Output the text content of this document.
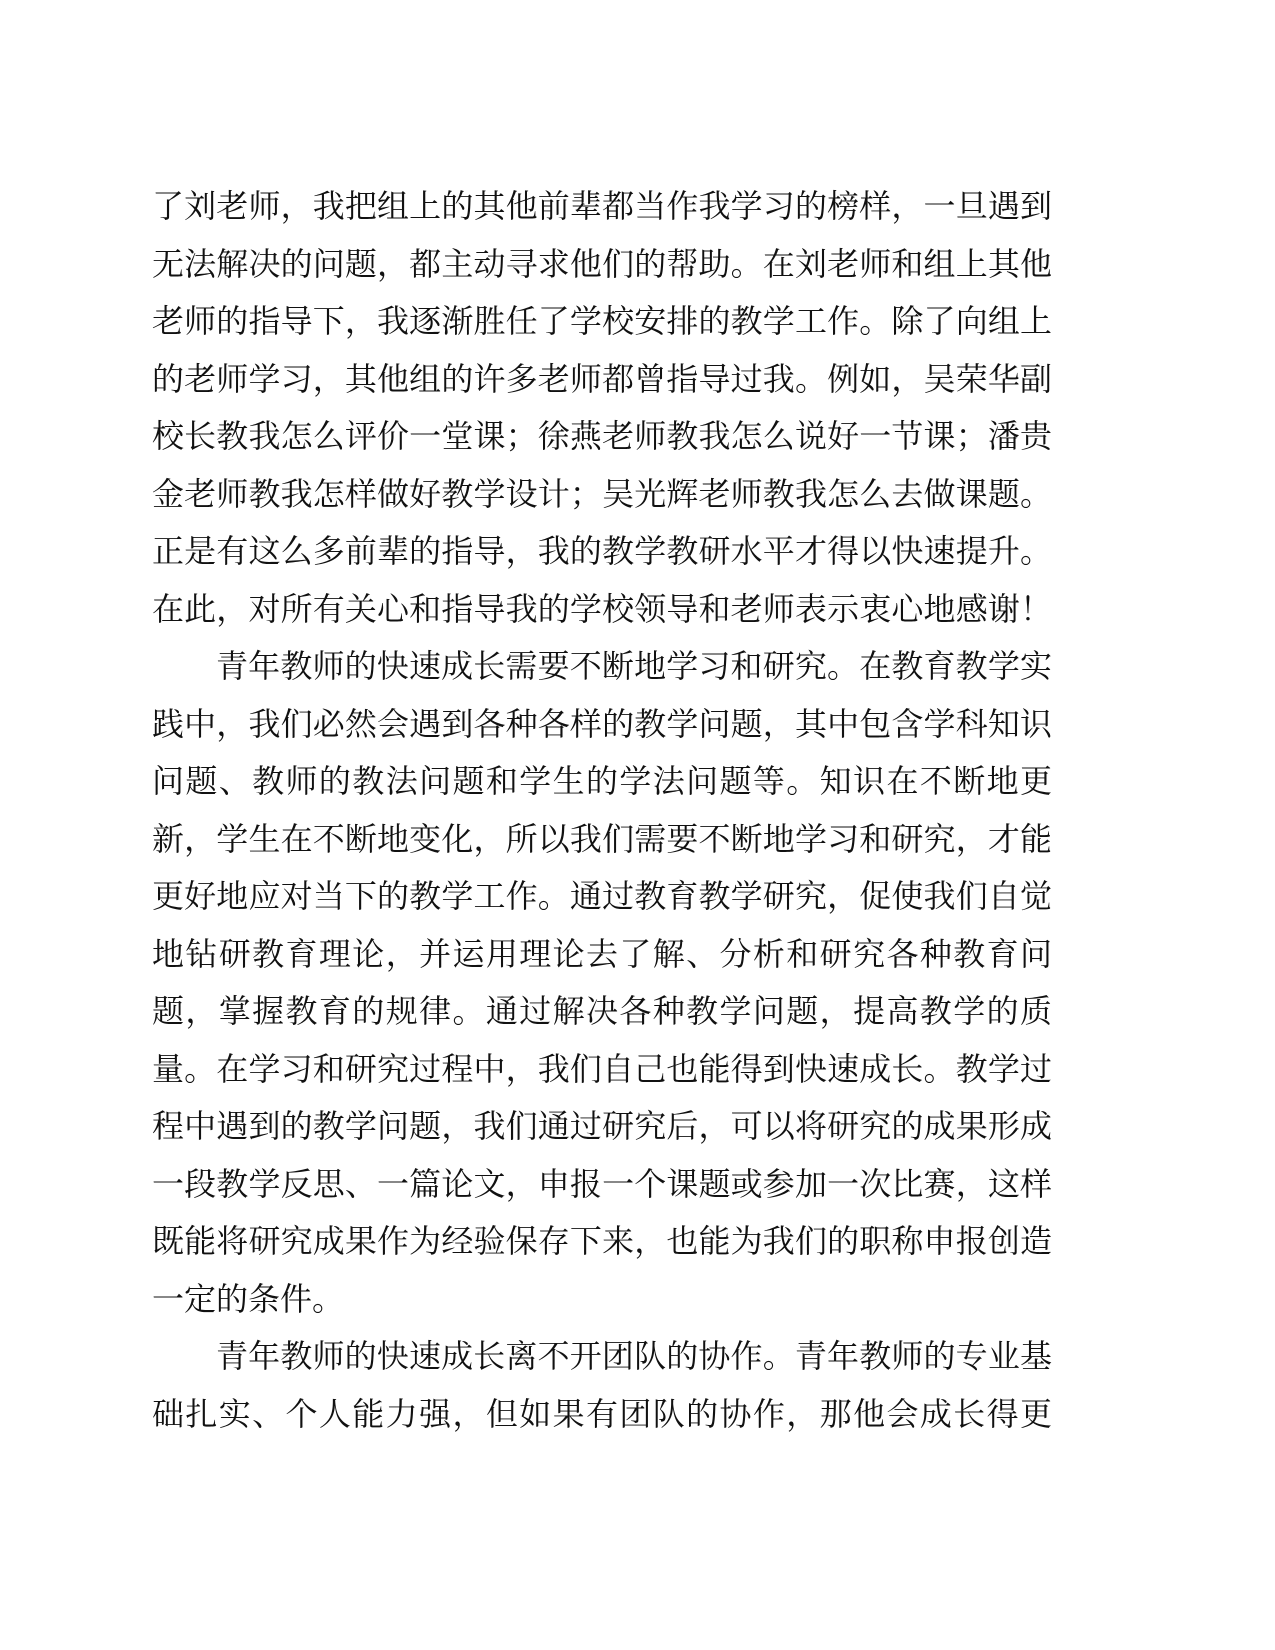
了刘老师，我把组上的其他前辈都当作我学习的榜样，一旦遇到
无法解决的问题，都主动寻求他们的帮助。在刘老师和组上其他
老师的指导下，我逐渐胜任了学校安排的教学工作。除了向组上
的老师学习，其他组的许多老师都曾指导过我。例如，吴荣华副
校长教我怎么评价一堂课；徐燕老师教我怎么说好一节课；潘贵
金老师教我怎样做好教学设计；吴光辉老师教我怎么去做课题。
正是有这么多前辈的指导，我的教学教研水平才得以快速提升。
在此，对所有关心和指导我的学校领导和老师表示衷心地感谢！
青年教师的快速成长需要不断地学习和研究。在教育教学实
践中，我们必然会遇到各种各样的教学问题，其中包含学科知识
问题、教师的教法问题和学生的学法问题等。知识在不断地更
新，学生在不断地变化，所以我们需要不断地学习和研究，才能
更好地应对当下的教学工作。通过教育教学研究，促使我们自觉
地钻研教育理论，并运用理论去了解、分析和研究各种教育问
题，掌握教育的规律。通过解决各种教学问题，提高教学的质
量。在学习和研究过程中，我们自己也能得到快速成长。教学过
程中遇到的教学问题，我们通过研究后，可以将研究的成果形成
一段教学反思、一篇论文，申报一个课题或参加一次比赛，这样
既能将研究成果作为经验保存下来，也能为我们的职称申报创造
一定的条件。
青年教师的快速成长离不开团队的协作。青年教师的专业基
础扎实、个人能力强，但如果有团队的协作，那他会成长得更
